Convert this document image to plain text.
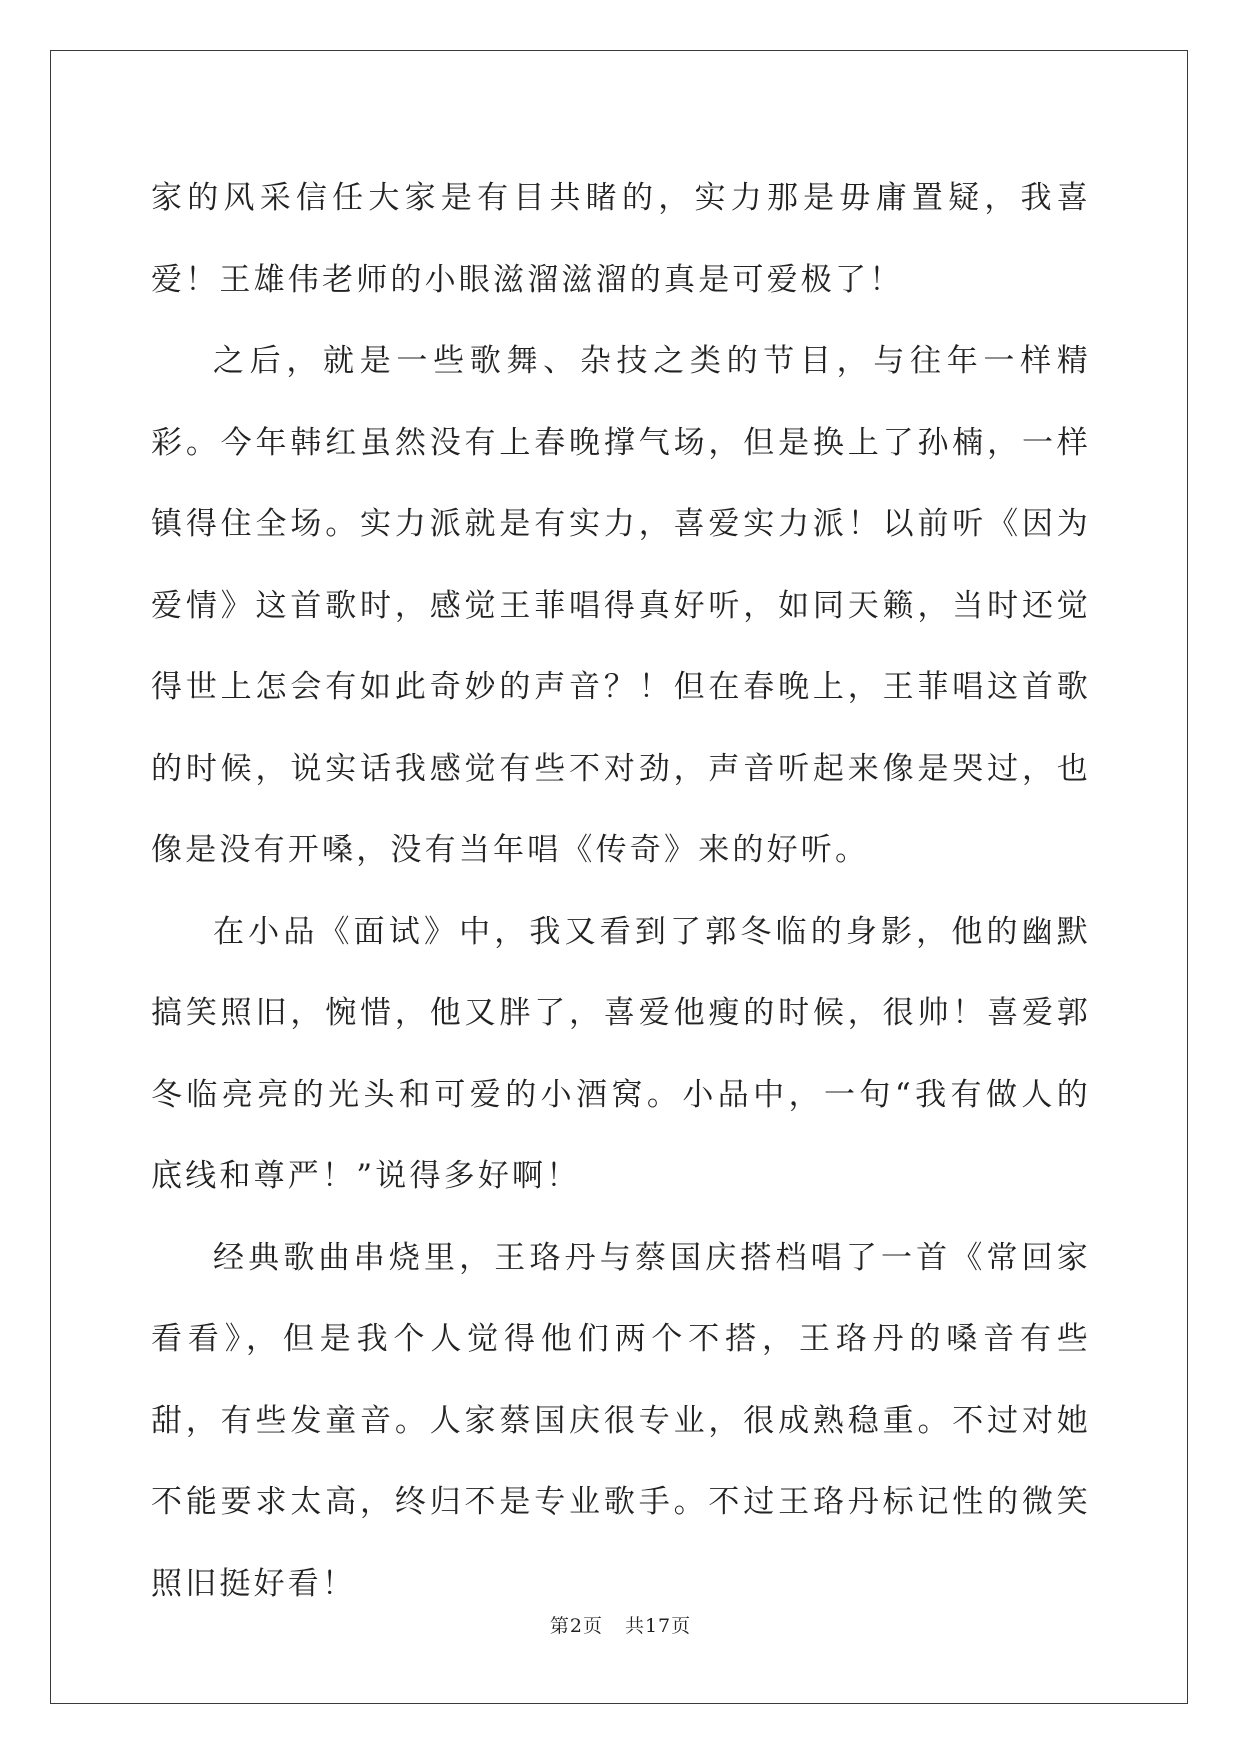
家的风采信任大家是有目共睹的，实力那是毋庸置疑，我喜爱！王雄伟老师的小眼滋溜滋溜的真是可爱极了！

之后，就是一些歌舞、杂技之类的节目，与往年一样精彩。今年韩红虽然没有上春晚撑气场，但是换上了孙楠，一样镇得住全场。实力派就是有实力，喜爱实力派！以前听《因为爱情》这首歌时，感觉王菲唱得真好听，如同天籁，当时还觉得世上怎会有如此奇妙的声音？！但在春晚上，王菲唱这首歌的时候，说实话我感觉有些不对劲，声音听起来像是哭过，也像是没有开嗓，没有当年唱《传奇》来的好听。

在小品《面试》中，我又看到了郭冬临的身影，他的幽默搞笑照旧，惋惜，他又胖了，喜爱他瘦的时候，很帅！喜爱郭冬临亮亮的光头和可爱的小酒窝。小品中，一句“我有做人的底线和尊严！”说得多好啊！

经典歌曲串烧里，王珞丹与蔡国庆搭档唱了一首《常回家看看》，但是我个人觉得他们两个不搭，王珞丹的嗓音有些甜，有些发童音。人家蔡国庆很专业，很成熟稳重。不过对她不能要求太高，终归不是专业歌手。不过王珞丹标记性的微笑照旧挺好看！

第2页 共17页
